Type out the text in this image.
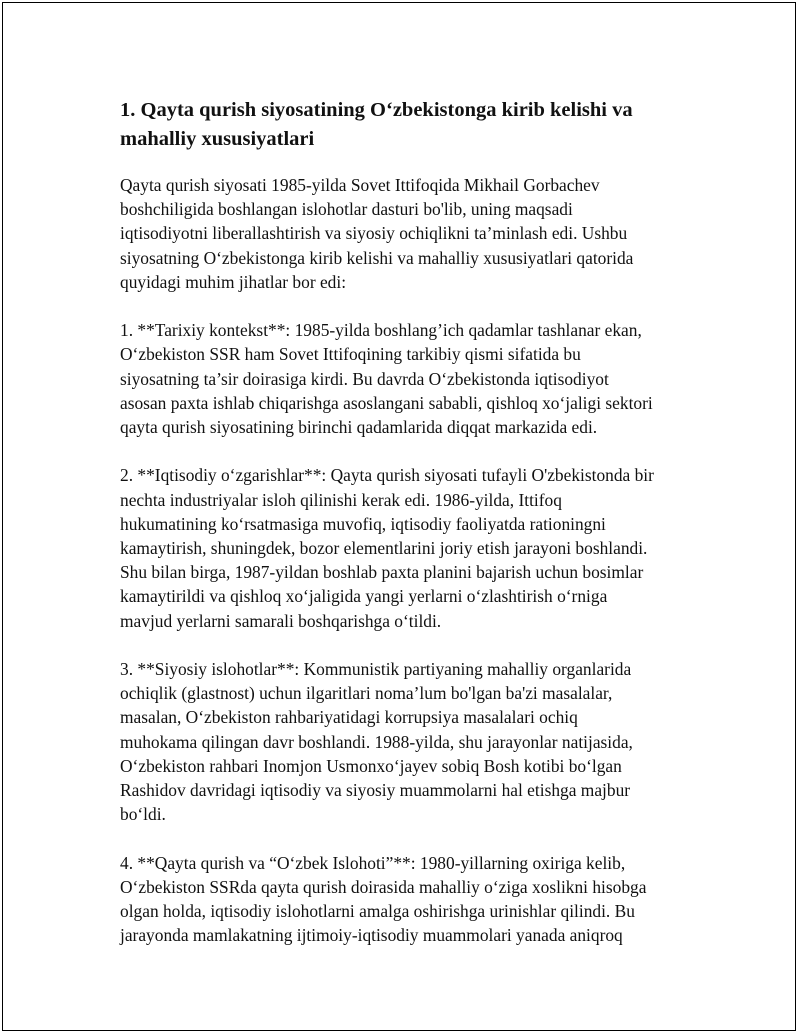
1. Qayta qurish siyosatining O‘zbekistonga kirib kelishi va
mahalliy xususiyatlari

Qayta qurish siyosati 1985-yilda Sovet Ittifoqida Mikhail Gorbachev
boshchiligida boshlangan islohotlar dasturi bo'lib, uning maqsadi
iqtisodiyotni liberallashtirish va siyosiy ochiqlikni ta’minlash edi. Ushbu
siyosatning O‘zbekistonga kirib kelishi va mahalliy xususiyatlari qatorida
quyidagi muhim jihatlar bor edi:

1. **Tarixiy kontekst**: 1985-yilda boshlang’ich qadamlar tashlanar ekan,
O‘zbekiston SSR ham Sovet Ittifoqining tarkibiy qismi sifatida bu
siyosatning ta’sir doirasiga kirdi. Bu davrda O‘zbekistonda iqtisodiyot
asosan paxta ishlab chiqarishga asoslangani sababli, qishloq xo‘jaligi sektori
qayta qurish siyosatining birinchi qadamlarida diqqat markazida edi.

2. **Iqtisodiy o‘zgarishlar**: Qayta qurish siyosati tufayli O'zbekistonda bir
nechta industriyalar isloh qilinishi kerak edi. 1986-yilda, Ittifoq
hukumatining ko‘rsatmasiga muvofiq, iqtisodiy faoliyatda rationingni
kamaytirish, shuningdek, bozor elementlarini joriy etish jarayoni boshlandi.
Shu bilan birga, 1987-yildan boshlab paxta planini bajarish uchun bosimlar
kamaytirildi va qishloq xo‘jaligida yangi yerlarni o‘zlashtirish o‘rniga
mavjud yerlarni samarali boshqarishga o‘tildi.

3. **Siyosiy islohotlar**: Kommunistik partiyaning mahalliy organlarida
ochiqlik (glastnost) uchun ilgaritlari noma’lum bo'lgan ba'zi masalalar,
masalan, O‘zbekiston rahbariyatidagi korrupsiya masalalari ochiq
muhokama qilingan davr boshlandi. 1988-yilda, shu jarayonlar natijasida,
O‘zbekiston rahbari Inomjon Usmonxo‘jayev sobiq Bosh kotibi bo‘lgan
Rashidov davridagi iqtisodiy va siyosiy muammolarni hal etishga majbur
bo‘ldi.

4. **Qayta qurish va “O‘zbek Islohoti”**: 1980-yillarning oxiriga kelib,
O‘zbekiston SSRda qayta qurish doirasida mahalliy o‘ziga xoslikni hisobga
olgan holda, iqtisodiy islohotlarni amalga oshirishga urinishlar qilindi. Bu
jarayonda mamlakatning ijtimoiy-iqtisodiy muammolari yanada aniqroq
